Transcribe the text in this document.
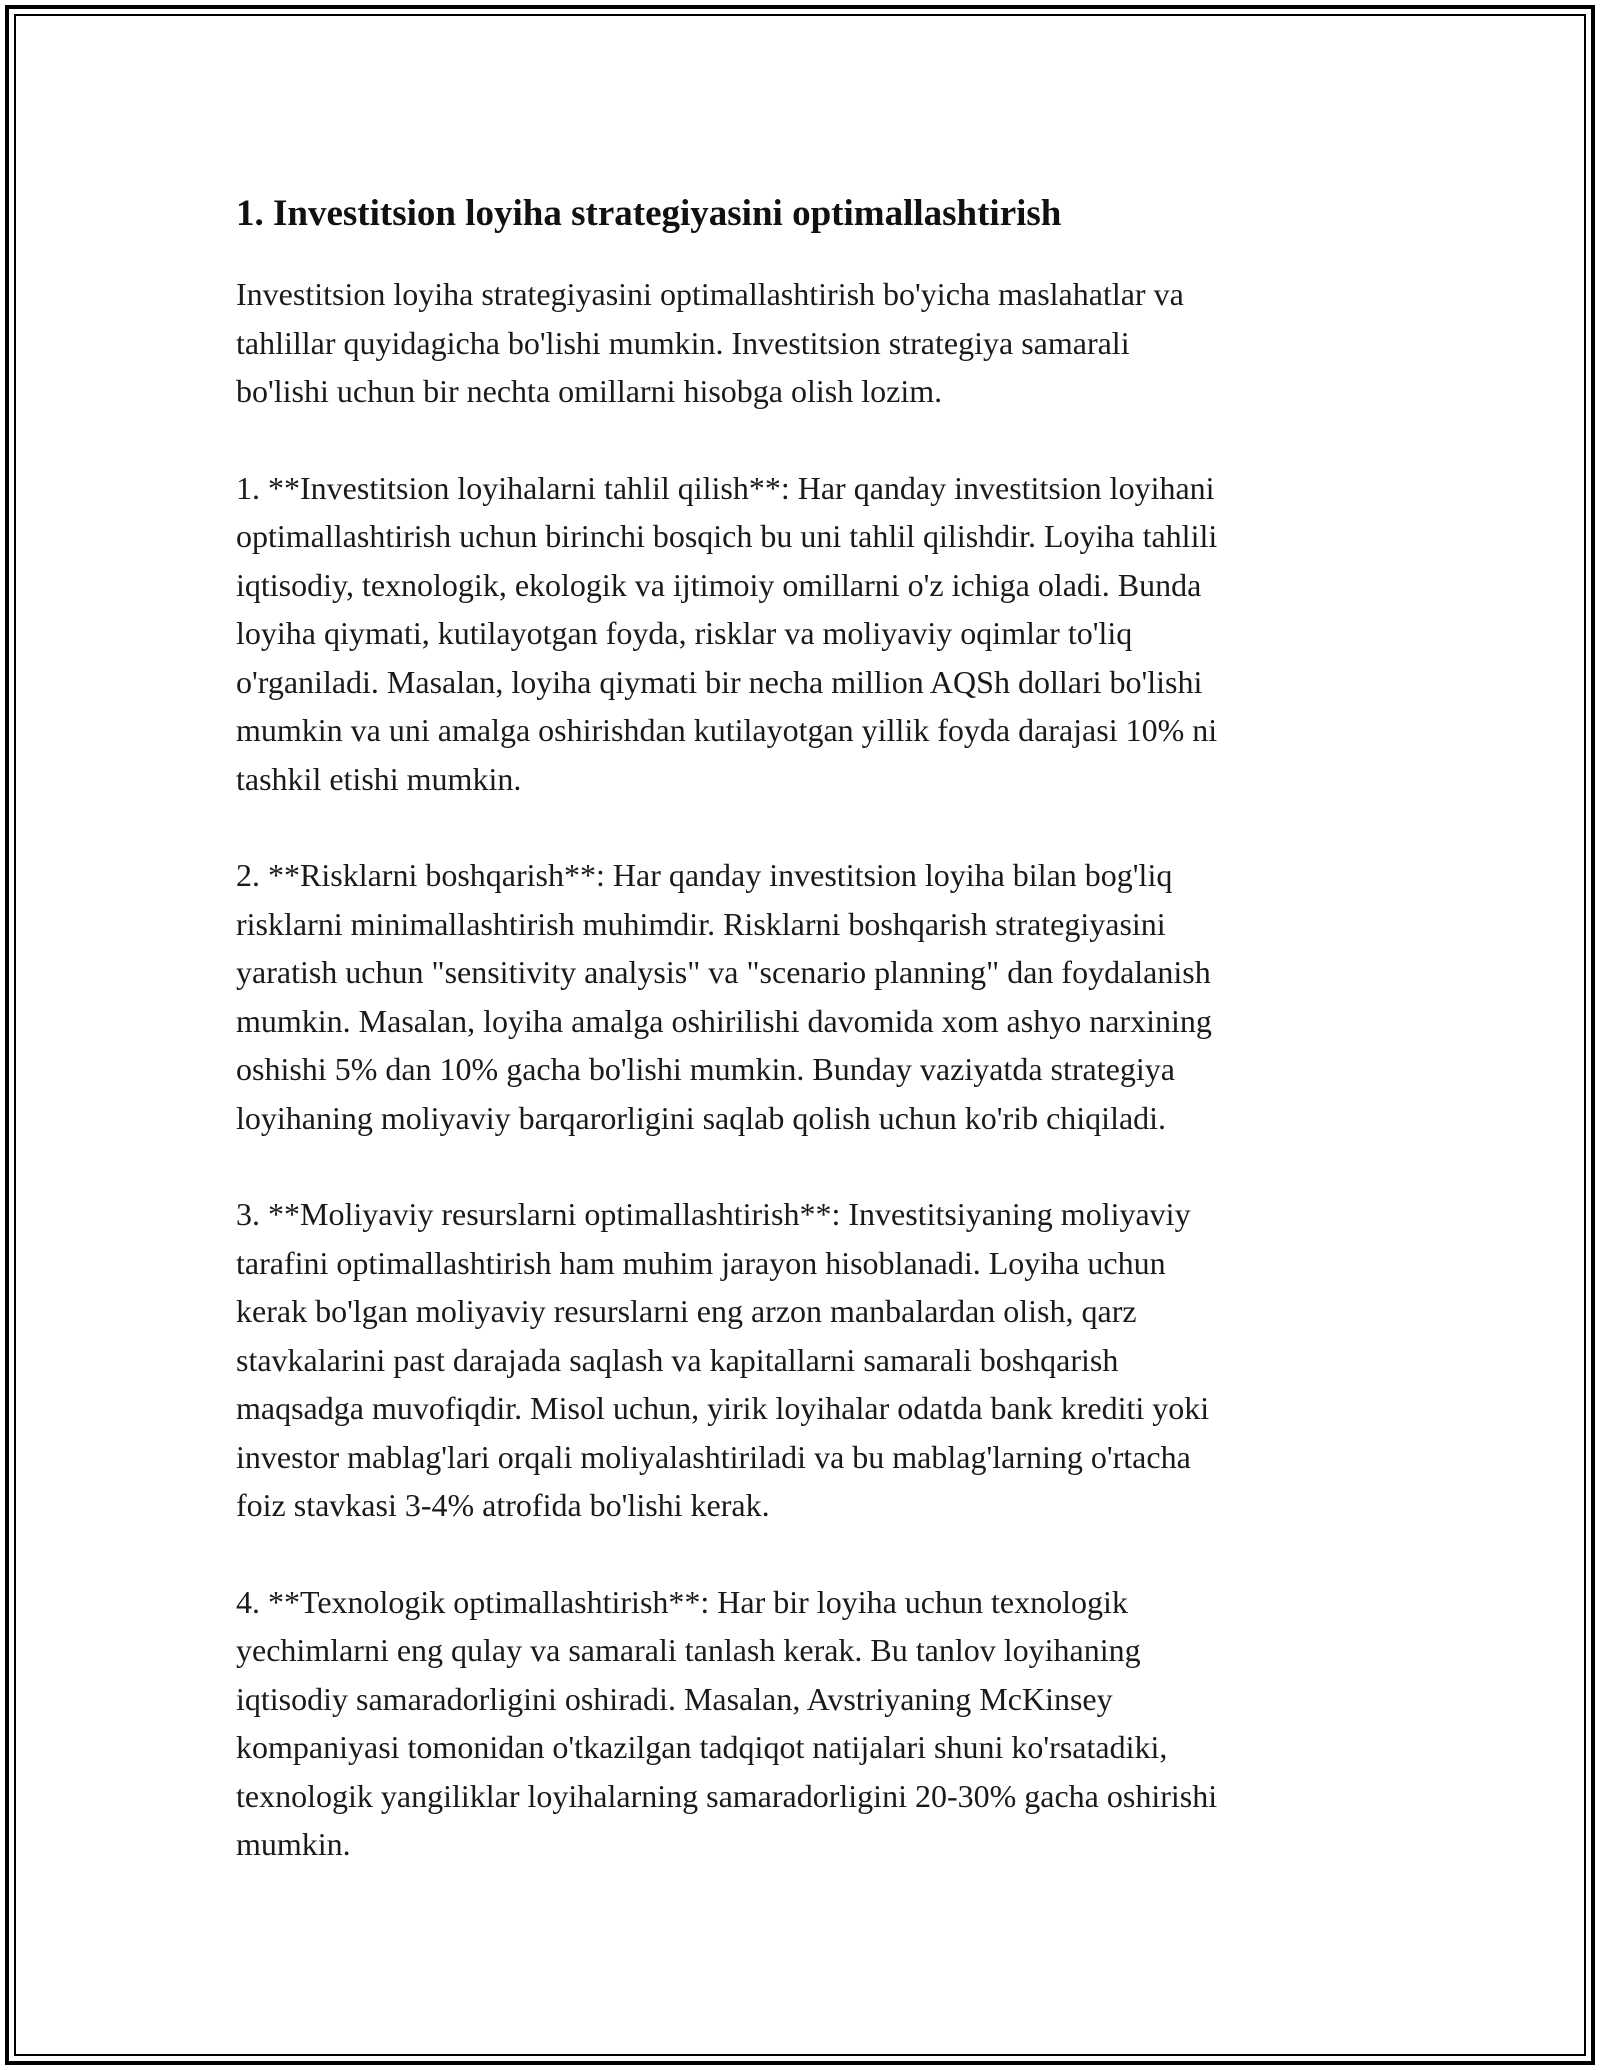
1. Investitsion loyiha strategiyasini optimallashtirish

Investitsion loyiha strategiyasini optimallashtirish bo'yicha maslahatlar va
tahlillar quyidagicha bo'lishi mumkin. Investitsion strategiya samarali
bo'lishi uchun bir nechta omillarni hisobga olish lozim.

1. **Investitsion loyihalarni tahlil qilish**: Har qanday investitsion loyihani
optimallashtirish uchun birinchi bosqich bu uni tahlil qilishdir. Loyiha tahlili
iqtisodiy, texnologik, ekologik va ijtimoiy omillarni o'z ichiga oladi. Bunda
loyiha qiymati, kutilayotgan foyda, risklar va moliyaviy oqimlar to'liq
o'rganiladi. Masalan, loyiha qiymati bir necha million AQSh dollari bo'lishi
mumkin va uni amalga oshirishdan kutilayotgan yillik foyda darajasi 10% ni
tashkil etishi mumkin.

2. **Risklarni boshqarish**: Har qanday investitsion loyiha bilan bog'liq
risklarni minimallashtirish muhimdir. Risklarni boshqarish strategiyasini
yaratish uchun "sensitivity analysis" va "scenario planning" dan foydalanish
mumkin. Masalan, loyiha amalga oshirilishi davomida xom ashyo narxining
oshishi 5% dan 10% gacha bo'lishi mumkin. Bunday vaziyatda strategiya
loyihaning moliyaviy barqarorligini saqlab qolish uchun ko'rib chiqiladi.

3. **Moliyaviy resurslarni optimallashtirish**: Investitsiyaning moliyaviy
tarafini optimallashtirish ham muhim jarayon hisoblanadi. Loyiha uchun
kerak bo'lgan moliyaviy resurslarni eng arzon manbalardan olish, qarz
stavkalarini past darajada saqlash va kapitallarni samarali boshqarish
maqsadga muvofiqdir. Misol uchun, yirik loyihalar odatda bank krediti yoki
investor mablag'lari orqali moliyalashtiriladi va bu mablag'larning o'rtacha
foiz stavkasi 3-4% atrofida bo'lishi kerak.

4. **Texnologik optimallashtirish**: Har bir loyiha uchun texnologik
yechimlarni eng qulay va samarali tanlash kerak. Bu tanlov loyihaning
iqtisodiy samaradorligini oshiradi. Masalan, Avstriyaning McKinsey
kompaniyasi tomonidan o'tkazilgan tadqiqot natijalari shuni ko'rsatadiki,
texnologik yangiliklar loyihalarning samaradorligini 20-30% gacha oshirishi
mumkin.
